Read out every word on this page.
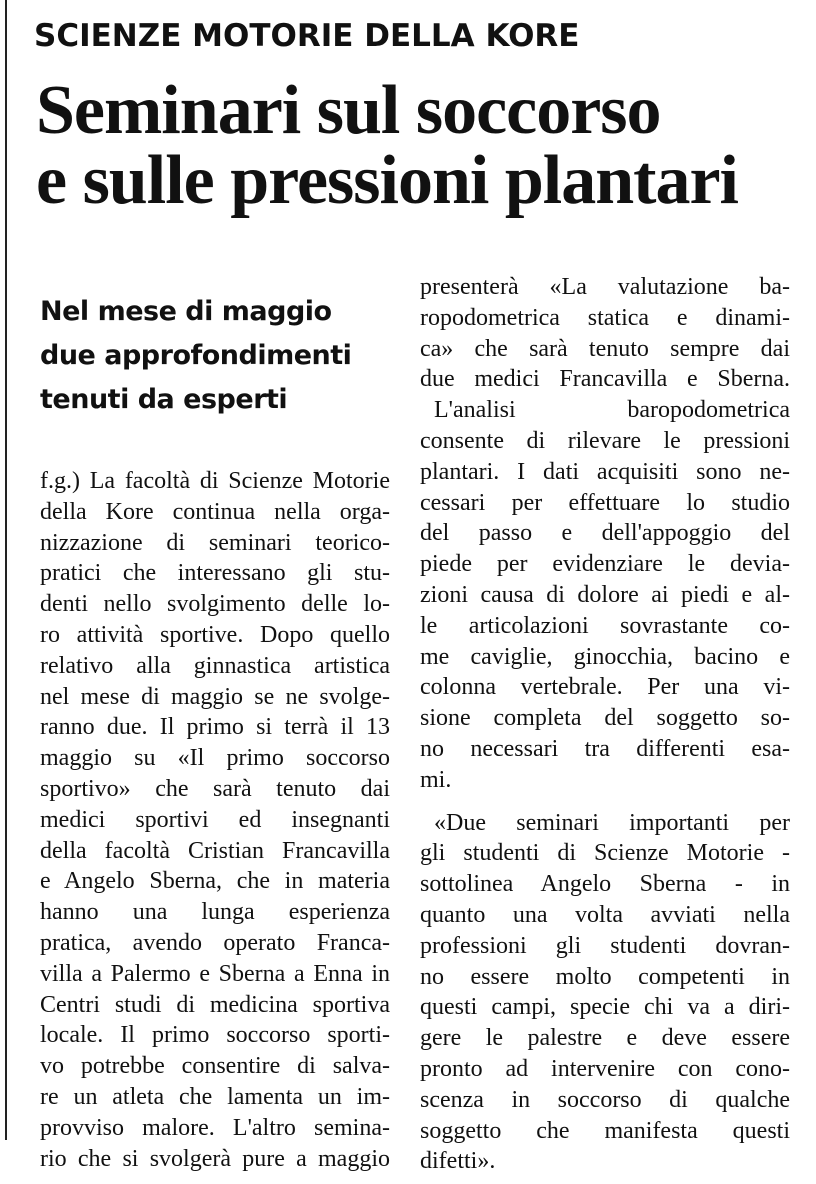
SCIENZE MOTORIE DELLA KORE
Seminari sul soccorso
e sulle pressioni plantari
Nel mese di maggio
due approfondimenti
tenuti da esperti
f.g.) La facoltà di Scienze Motorie
della Kore continua nella orga-
nizzazione di seminari teorico-
pratici che interessano gli stu-
denti nello svolgimento delle lo-
ro attività sportive. Dopo quello
relativo alla ginnastica artistica
nel mese di maggio se ne svolge-
ranno due. Il primo si terrà il 13
maggio su «Il primo soccorso
sportivo» che sarà tenuto dai
medici sportivi ed insegnanti
della facoltà Cristian Francavilla
e Angelo Sberna, che in materia
hanno una lunga esperienza
pratica, avendo operato Franca-
villa a Palermo e Sberna a Enna in
Centri studi di medicina sportiva
locale. Il primo soccorso sporti-
vo potrebbe consentire di salva-
re un atleta che lamenta un im-
provviso malore. L'altro semina-
rio che si svolgerà pure a maggio
presenterà «La valutazione ba-
ropodometrica statica e dinami-
ca» che sarà tenuto sempre dai
due medici Francavilla e Sberna.
L'analisi baropodometrica
consente di rilevare le pressioni
plantari. I dati acquisiti sono ne-
cessari per effettuare lo studio
del passo e dell'appoggio del
piede per evidenziare le devia-
zioni causa di dolore ai piedi e al-
le articolazioni sovrastante co-
me caviglie, ginocchia, bacino e
colonna vertebrale. Per una vi-
sione completa del soggetto so-
no necessari tra differenti esa-
mi.
«Due seminari importanti per
gli studenti di Scienze Motorie -
sottolinea Angelo Sberna - in
quanto una volta avviati nella
professioni gli studenti dovran-
no essere molto competenti in
questi campi, specie chi va a diri-
gere le palestre e deve essere
pronto ad intervenire con cono-
scenza in soccorso di qualche
soggetto che manifesta questi
difetti».
